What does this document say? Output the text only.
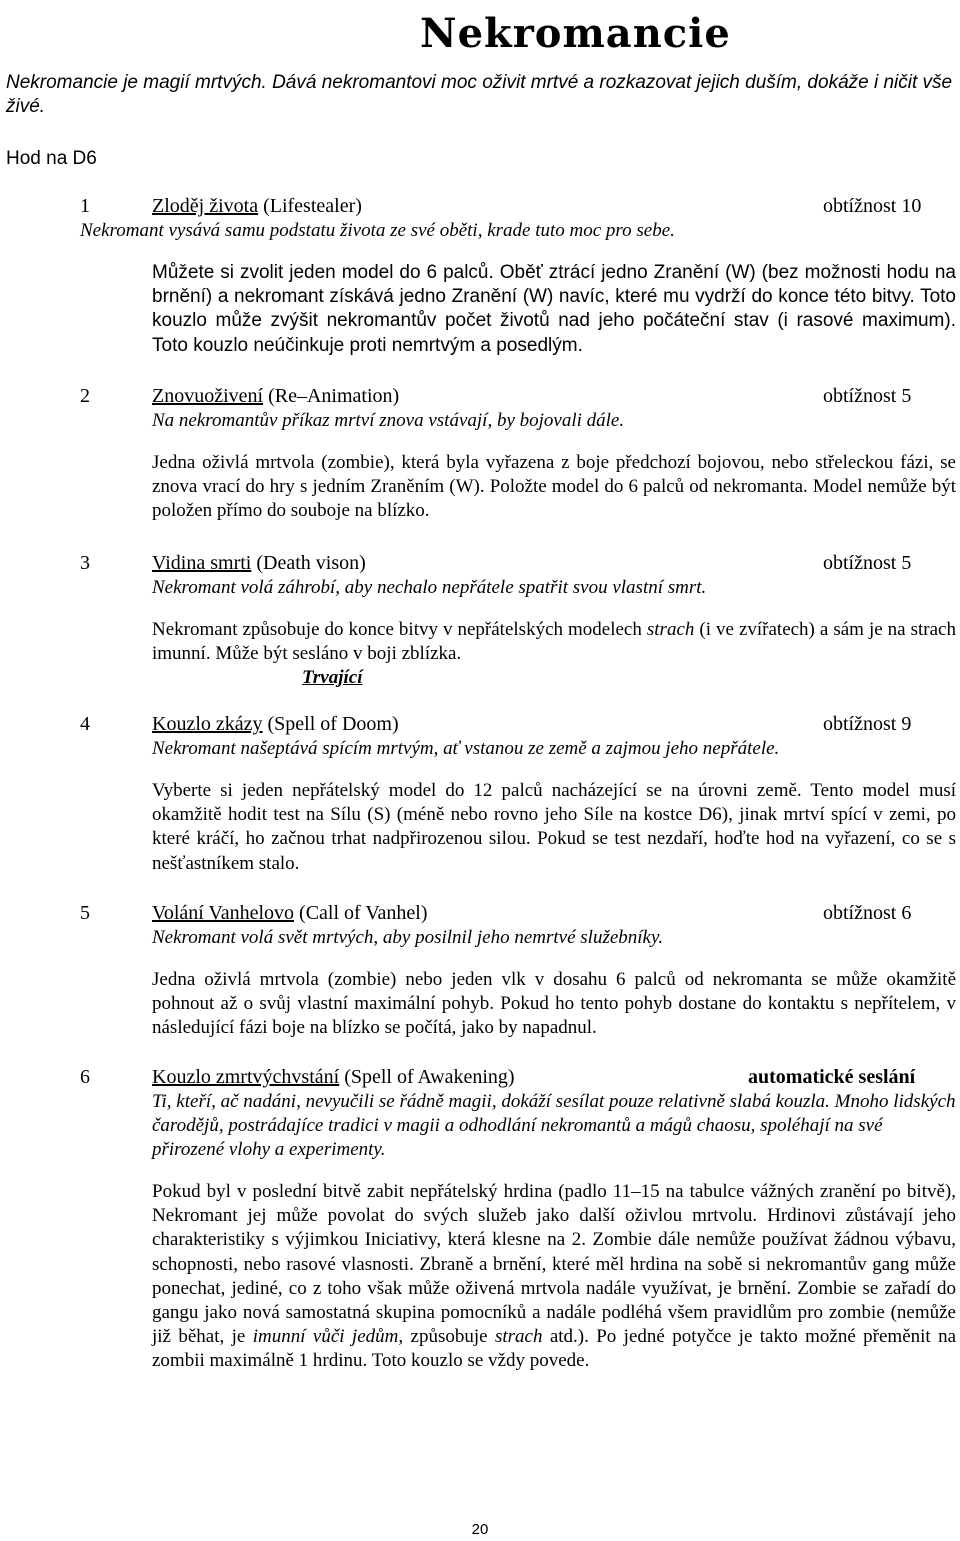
Nekromancie
Nekromancie je magií mrtvých. Dává nekromantovi moc oživit mrtvé a rozkazovat jejich duším, dokáže i ničit vše živé.
Hod na D6
1	Zloděj života (Lifestealer)	obtížnost 10
Nekromant vysává samu podstatu života ze své oběti, krade tuto moc pro sebe.
Můžete si zvolit jeden model do 6 palců. Oběť ztrácí jedno Zranění (W) (bez možnosti hodu na brnění) a nekromant získává jedno Zranění (W) navíc, které mu vydrží do konce této bitvy. Toto kouzlo může zvýšit nekromantův počet životů nad jeho počáteční stav (i rasové maximum). Toto kouzlo neúčinkuje proti nemrtvým a posedlým.
2	Znovuoživení (Re–Animation)	obtížnost 5
Na nekromantův příkaz mrtví znova vstávají, by bojovali dále.
Jedna oživlá mrtvola (zombie), která byla vyřazena z boje předchozí bojovou, nebo střeleckou fázi, se znova vrací do hry s jedním Zraněním (W). Položte model do 6 palců od nekromanta. Model nemůže být položen přímo do souboje na blízko.
3	Vidina smrti (Death vison)	obtížnost 5
Nekromant volá záhrobí, aby nechalo nepřátele spatřit svou vlastní smrt.
Nekromant způsobuje do konce bitvy v nepřátelských modelech strach (i ve zvířatech) a sám je na strach imunní. Může být sesláno v boji zblízka.
Trvající
4	Kouzlo zkázy (Spell of Doom)	obtížnost 9
Nekromant našeptává spícím mrtvým, ať vstanou ze země a zajmou jeho nepřátele.
Vyberte si jeden nepřátelský model do 12 palců nacházející se na úrovni země. Tento model musí okamžitě hodit test na Sílu (S) (méně nebo rovno jeho Síle na kostce D6), jinak mrtví spící v zemi, po které kráčí, ho začnou trhat nadpřirozenou silou. Pokud se test nezdaří, hoďte hod na vyřazení, co se s nešťastníkem stalo.
5	Volání Vanhelovo (Call of Vanhel)	obtížnost 6
Nekromant volá svět mrtvých, aby posilnil jeho nemrtvé služebníky.
Jedna oživlá mrtvola (zombie) nebo jeden vlk v dosahu 6 palců od nekromanta se může okamžitě pohnout až o svůj vlastní maximální pohyb. Pokud ho tento pohyb dostane do kontaktu s nepřítelem, v následující fázi boje na blízko se počítá, jako by napadnul.
6	Kouzlo zmrtvýchvstání (Spell of Awakening)	automatické seslání
Ti, kteří, ač nadáni, nevyučili se řádně magii, dokáží sesílat pouze relativně slabá kouzla. Mnoho lidských čarodějů, postrádajíce tradici v magii a odhodlání nekromantů a mágů chaosu, spoléhají na své přirozené vlohy a experimenty.
Pokud byl v poslední bitvě zabit nepřátelský hrdina (padlo 11–15 na tabulce vážných zranění po bitvě), Nekromant jej může povolat do svých služeb jako další oživlou mrtvolu. Hrdinovi zůstávají jeho charakteristiky s výjimkou Iniciativy, která klesne na 2. Zombie dále nemůže používat žádnou výbavu, schopnosti, nebo rasové vlasnosti. Zbraně a brnění, které měl hrdina na sobě si nekromantův gang může ponechat, jediné, co z toho však může oživená mrtvola nadále využívat, je brnění. Zombie se zařadí do gangu jako nová samostatná skupina pomocníků a nadále podléhá všem pravidlům pro zombie (nemůže již běhat, je imunní vůči jedům, způsobuje strach atd.). Po jedné potyčce je takto možné přeměnit na zombii maximálně 1 hrdinu. Toto kouzlo se vždy povede.
20
